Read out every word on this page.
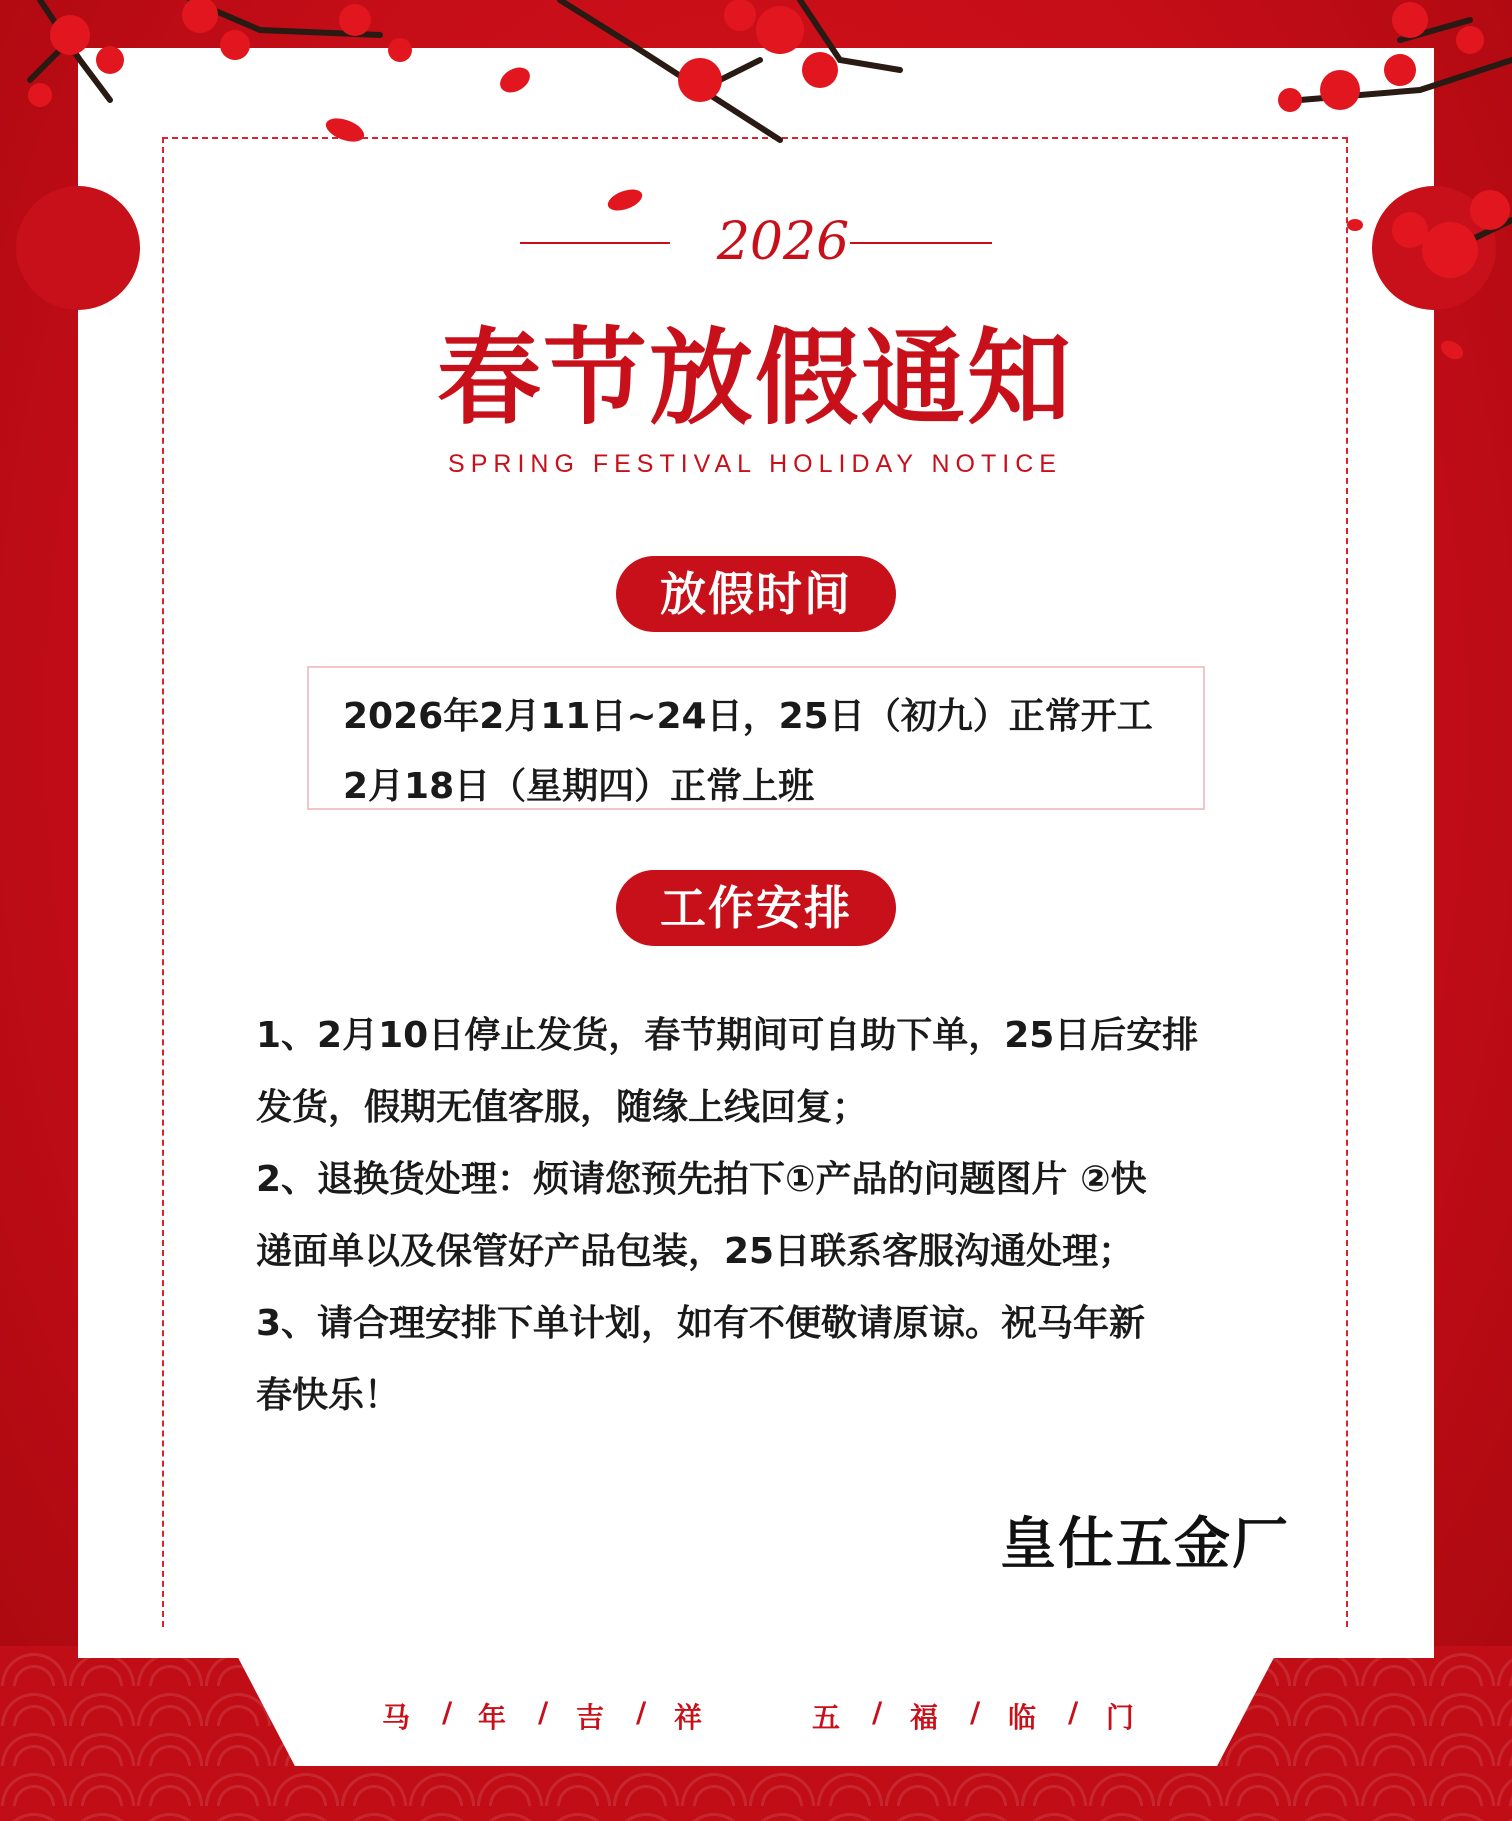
2026
春节放假通知
SPRING FESTIVAL HOLIDAY NOTICE
放假时间
2026年2月11日~24日，25日（初九）正常开工
2月18日（星期四）正常上班
工作安排
1、2月10日停止发货，春节期间可自助下单，25日后安排
发货，假期无值客服，随缘上线回复；
2、退换货处理：烦请您预先拍下①产品的问题图片 ②快
递面单以及保管好产品包装，25日联系客服沟通处理；
3、请合理安排下单计划，如有不便敬请原谅。祝马年新
春快乐！
皇仕五金厂
马 / 年 / 吉 / 祥	五 / 福 / 临 / 门
